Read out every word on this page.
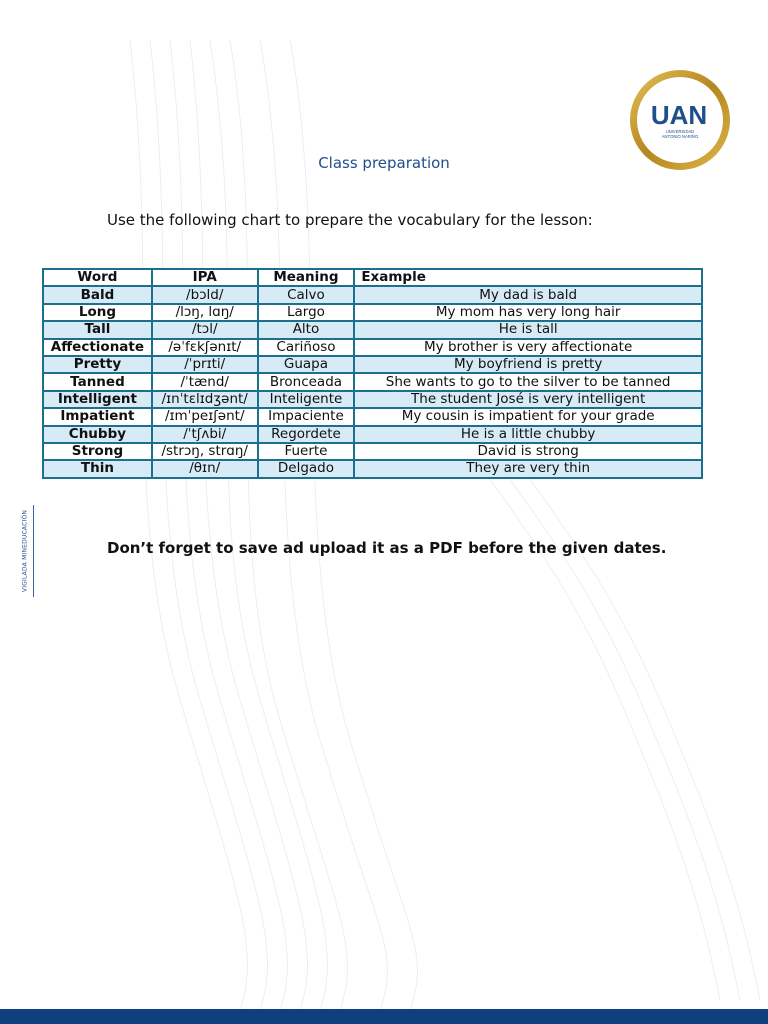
UAN
UNIVERSIDAD
ANTONIO NARIÑO
VIGILADA MINEDUCACIÓN
Class preparation
Use the following chart to prepare the vocabulary for the lesson:
Word	IPA	Meaning	Example
Bald	/bɔld/	Calvo	My dad is bald
Long	/lɔŋ, lɑŋ/	Largo	My mom has very long hair
Tall	/tɔl/	Alto	He is tall
Affectionate	/əˈfɛkʃənɪt/	Cariñoso	My brother is very affectionate
Pretty	/ˈprɪti/	Guapa	My boyfriend is pretty
Tanned	/ˈtænd/	Bronceada	She wants to go to the silver to be tanned
Intelligent	/ɪnˈtɛlɪdʒənt/	Inteligente	The student José is very intelligent
Impatient	/ɪmˈpeɪʃənt/	Impaciente	My cousin is impatient for your grade
Chubby	/ˈtʃʌbi/	Regordete	He is a little chubby
Strong	/strɔŋ, strɑŋ/	Fuerte	David is strong
Thin	/θɪn/	Delgado	They are very thin
Don’t forget to save ad upload it as a PDF before the given dates.
